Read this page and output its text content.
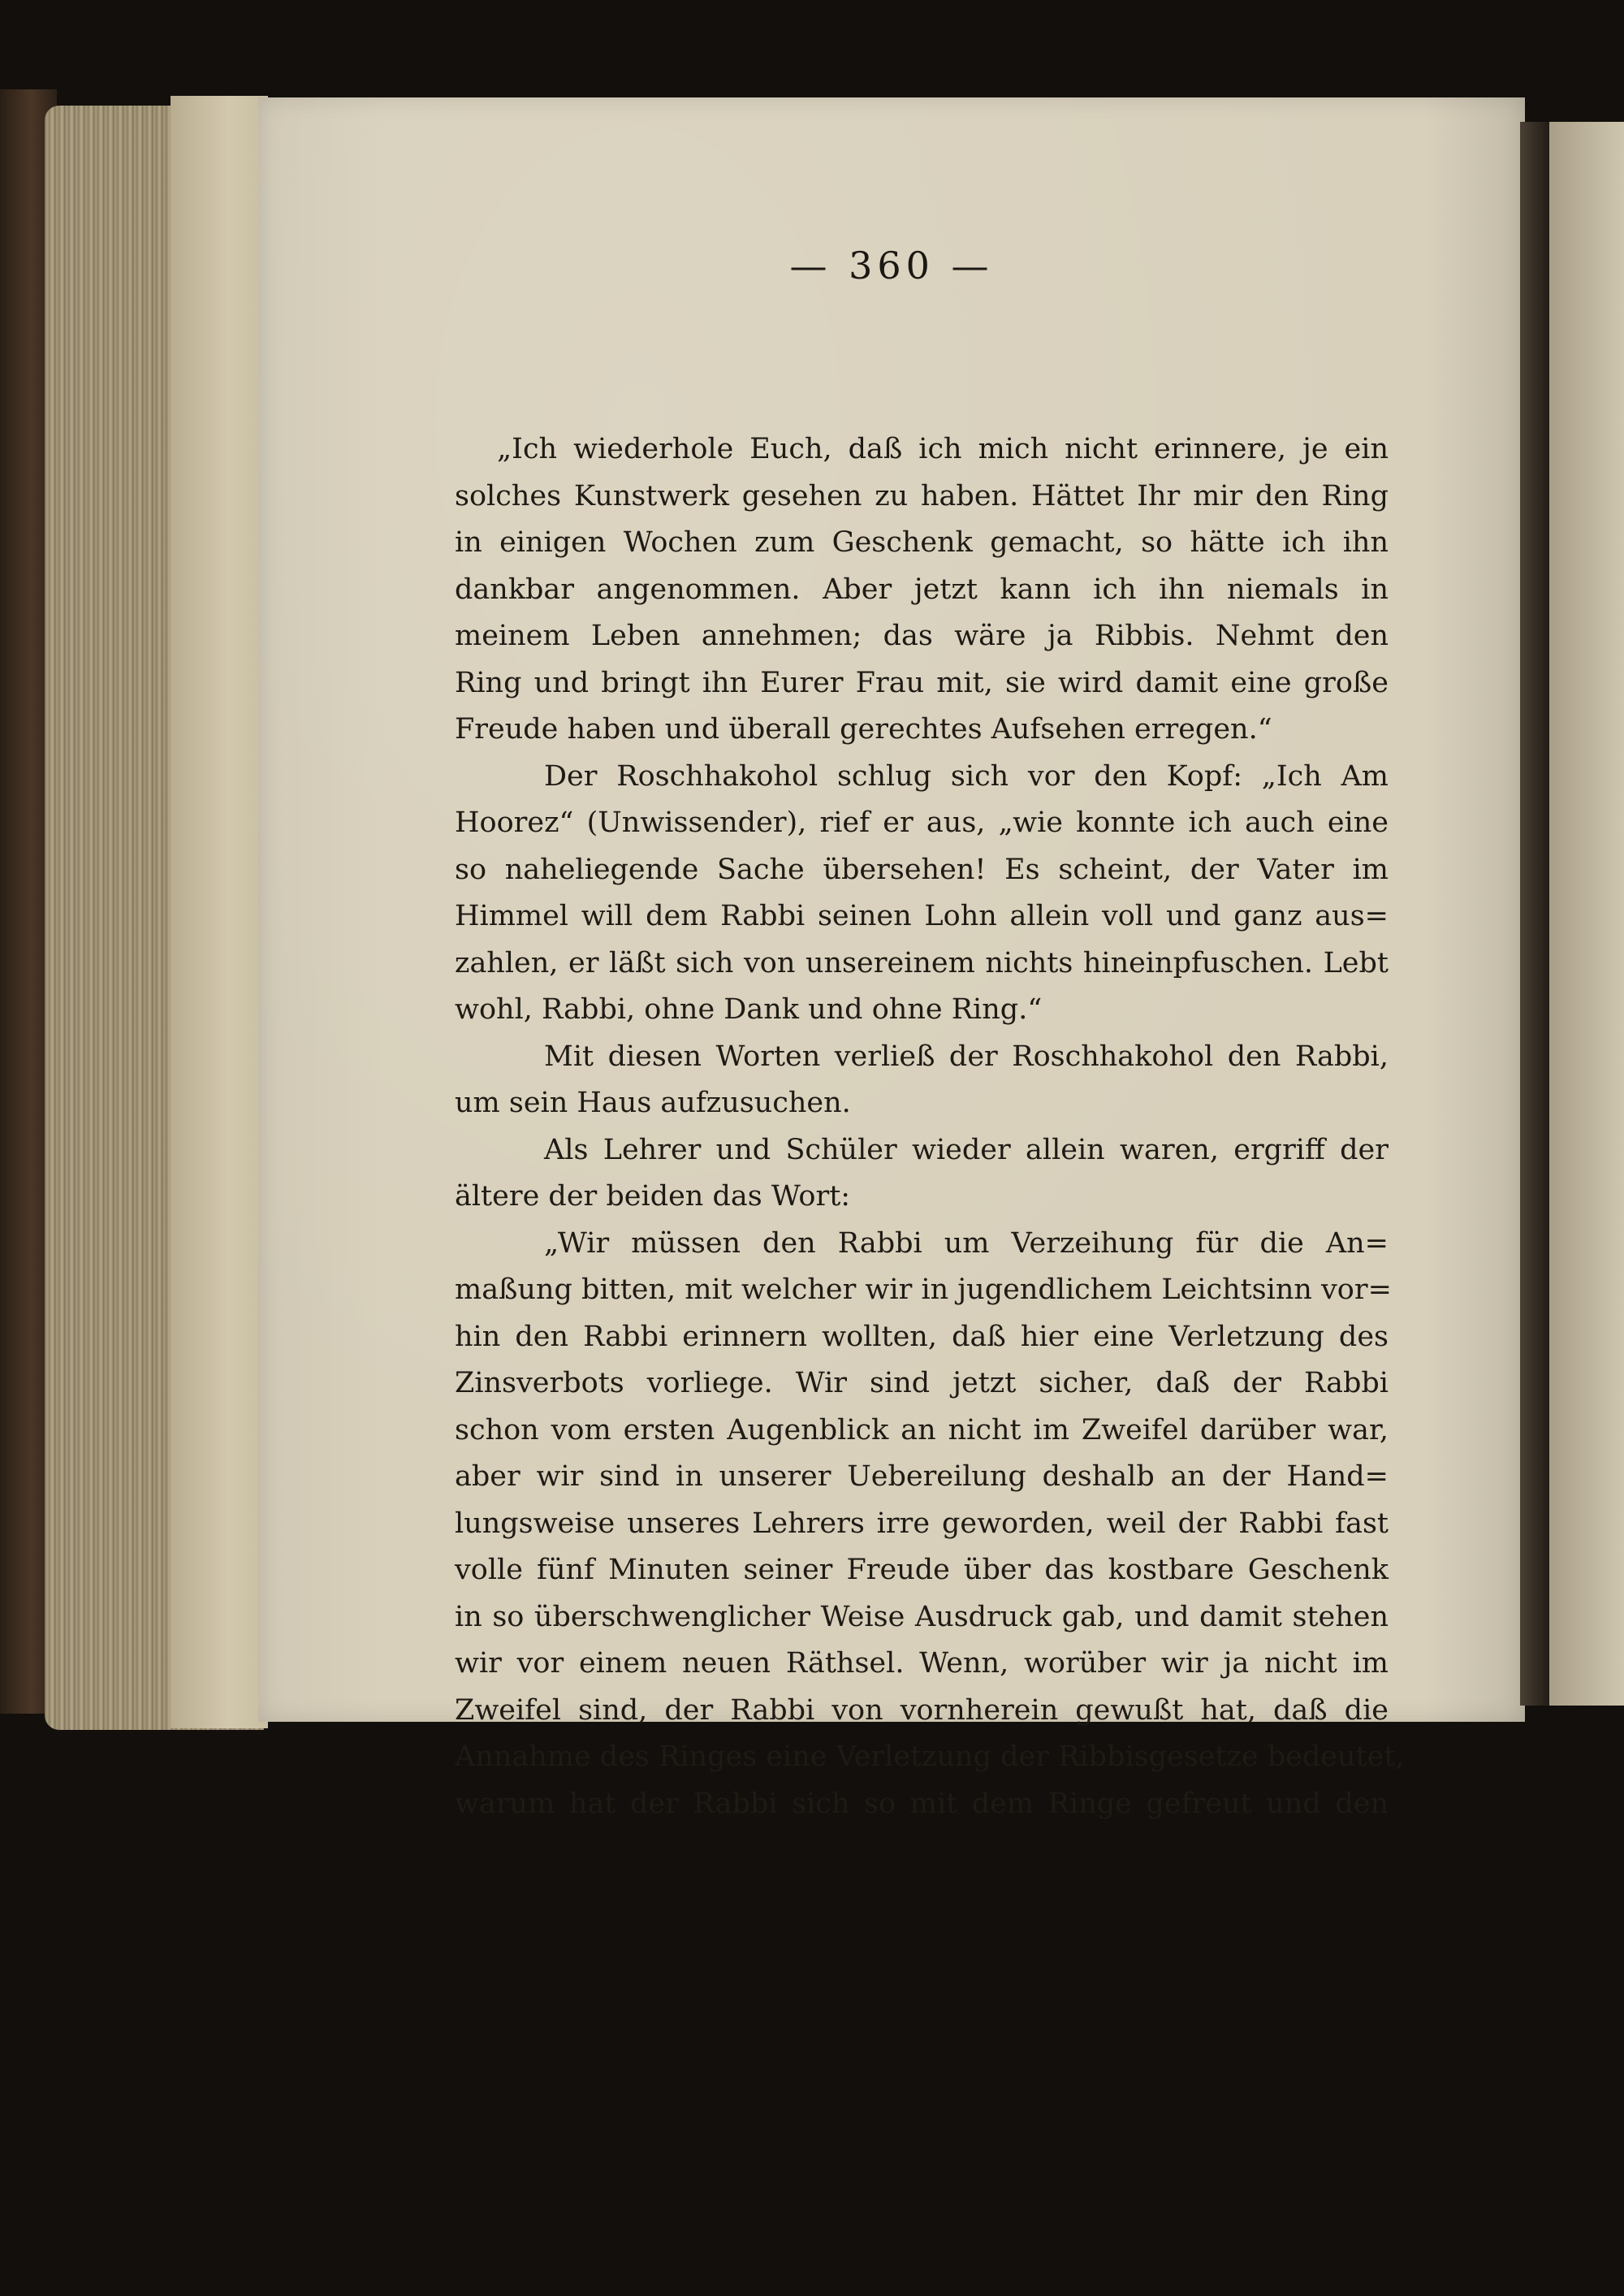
— 360 —
„Ich wiederhole Euch, daß ich mich nicht erinnere, je ein
solches Kunstwerk gesehen zu haben. Hättet Ihr mir den Ring
in einigen Wochen zum Geschenk gemacht, so hätte ich ihn
dankbar angenommen. Aber jetzt kann ich ihn niemals in
meinem Leben annehmen; das wäre ja Ribbis. Nehmt den
Ring und bringt ihn Eurer Frau mit, sie wird damit eine große
Freude haben und überall gerechtes Aufsehen erregen.“
Der Roschhakohol schlug sich vor den Kopf: „Ich Am
Hoorez“ (Unwissender), rief er aus, „wie konnte ich auch eine
so naheliegende Sache übersehen! Es scheint, der Vater im
Himmel will dem Rabbi seinen Lohn allein voll und ganz aus=
zahlen, er läßt sich von unsereinem nichts hineinpfuschen. Lebt
wohl, Rabbi, ohne Dank und ohne Ring.“
Mit diesen Worten verließ der Roschhakohol den Rabbi,
um sein Haus aufzusuchen.
Als Lehrer und Schüler wieder allein waren, ergriff der
ältere der beiden das Wort:
„Wir müssen den Rabbi um Verzeihung für die An=
maßung bitten, mit welcher wir in jugendlichem Leichtsinn vor=
hin den Rabbi erinnern wollten, daß hier eine Verletzung des
Zinsverbots vorliege. Wir sind jetzt sicher, daß der Rabbi
schon vom ersten Augenblick an nicht im Zweifel darüber war,
aber wir sind in unserer Uebereilung deshalb an der Hand=
lungsweise unseres Lehrers irre geworden, weil der Rabbi fast
volle fünf Minuten seiner Freude über das kostbare Geschenk
in so überschwenglicher Weise Ausdruck gab, und damit stehen
wir vor einem neuen Räthsel. Wenn, worüber wir ja nicht im
Zweifel sind, der Rabbi von vornherein gewußt hat, daß die
Annahme des Ringes eine Verletzung der Ribbisgesetze bedeutet,
warum hat der Rabbi sich so mit dem Ringe gefreut und den
